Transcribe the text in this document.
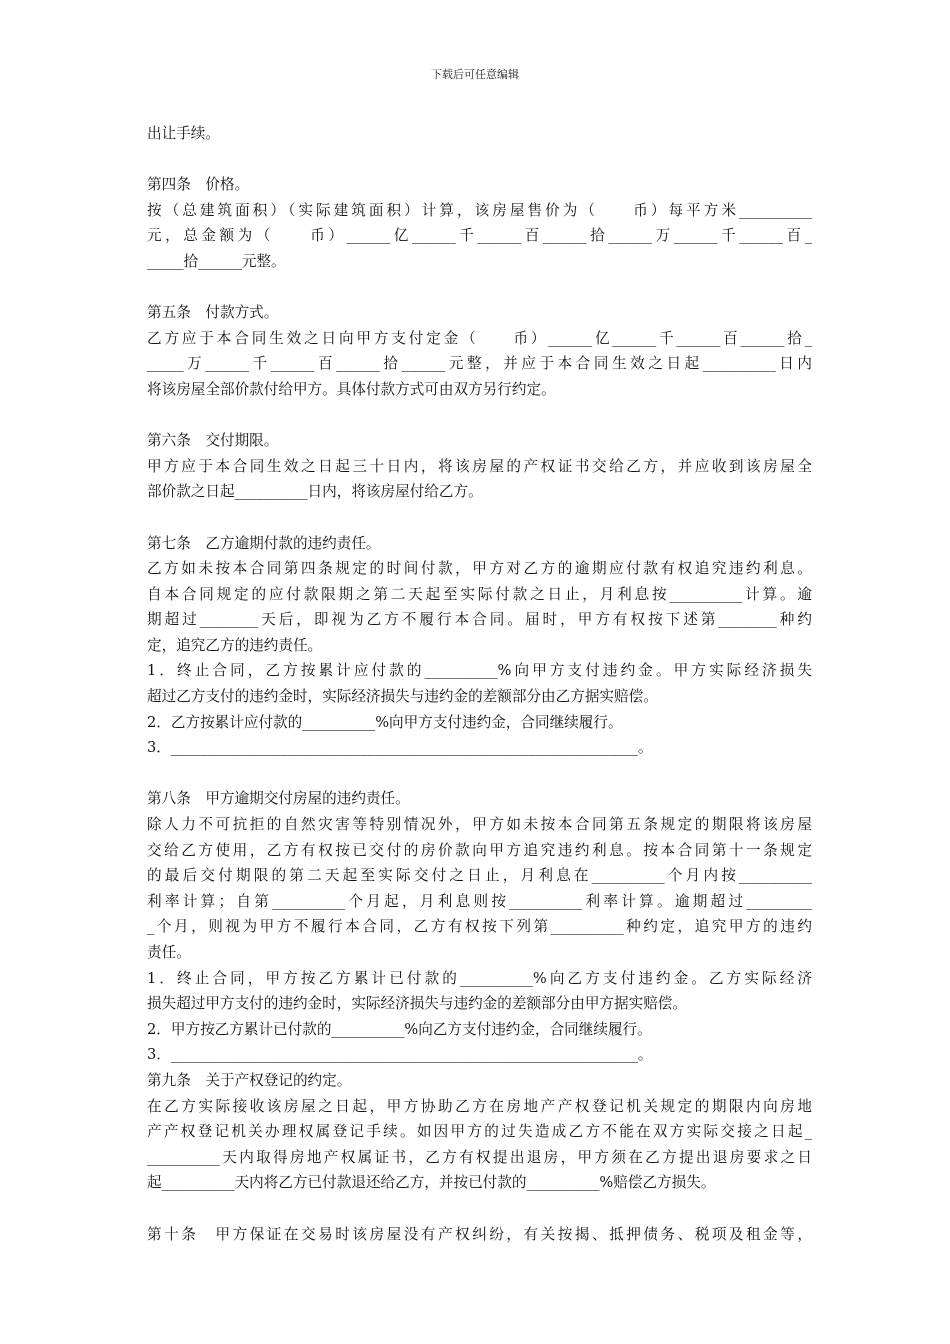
下载后可任意编辑
出让手续。
第四条　价格。
按（总建筑面积）（实际建筑面积）计算，该房屋售价为（　　币）每平方米__________
元，总金额为（　　币）______亿______千______百______拾______万______千______百_
_____拾______元整。
第五条　付款方式。
乙方应于本合同生效之日向甲方支付定金（　　币）______亿______千______百______拾_
_____万______千______百______拾______元整，并应于本合同生效之日起__________日内
将该房屋全部价款付给甲方。具体付款方式可由双方另行约定。
第六条　交付期限。
甲方应于本合同生效之日起三十日内，将该房屋的产权证书交给乙方，并应收到该房屋全
部价款之日起__________日内，将该房屋付给乙方。
第七条　乙方逾期付款的违约责任。
乙方如未按本合同第四条规定的时间付款，甲方对乙方的逾期应付款有权追究违约利息。
自本合同规定的应付款限期之第二天起至实际付款之日止，月利息按__________计算。逾
期超过________天后，即视为乙方不履行本合同。届时，甲方有权按下述第________种约
定，追究乙方的违约责任。
1．终止合同，乙方按累计应付款的__________%向甲方支付违约金。甲方实际经济损失
超过乙方支付的违约金时，实际经济损失与违约金的差额部分由乙方据实赔偿。
2．乙方按累计应付款的__________%向甲方支付违约金，合同继续履行。
3．________________________________________________________________。
第八条　甲方逾期交付房屋的违约责任。
除人力不可抗拒的自然灾害等特别情况外，甲方如未按本合同第五条规定的期限将该房屋
交给乙方使用，乙方有权按已交付的房价款向甲方追究违约利息。按本合同第十一条规定
的最后交付期限的第二天起至实际交付之日止，月利息在__________个月内按__________
利率计算；自第__________个月起，月利息则按__________利率计算。逾期超过_________
_个月，则视为甲方不履行本合同，乙方有权按下列第__________种约定，追究甲方的违约
责任。
1．终止合同，甲方按乙方累计已付款的__________%向乙方支付违约金。乙方实际经济
损失超过甲方支付的违约金时，实际经济损失与违约金的差额部分由甲方据实赔偿。
2．甲方按乙方累计已付款的__________%向乙方支付违约金，合同继续履行。
3．________________________________________________________________。
第九条　关于产权登记的约定。
在乙方实际接收该房屋之日起，甲方协助乙方在房地产产权登记机关规定的期限内向房地
产产权登记机关办理权属登记手续。如因甲方的过失造成乙方不能在双方实际交接之日起_
__________天内取得房地产权属证书，乙方有权提出退房，甲方须在乙方提出退房要求之日
起__________天内将乙方已付款退还给乙方，并按已付款的__________%赔偿乙方损失。
第十条　甲方保证在交易时该房屋没有产权纠纷，有关按揭、抵押债务、税项及租金等，
